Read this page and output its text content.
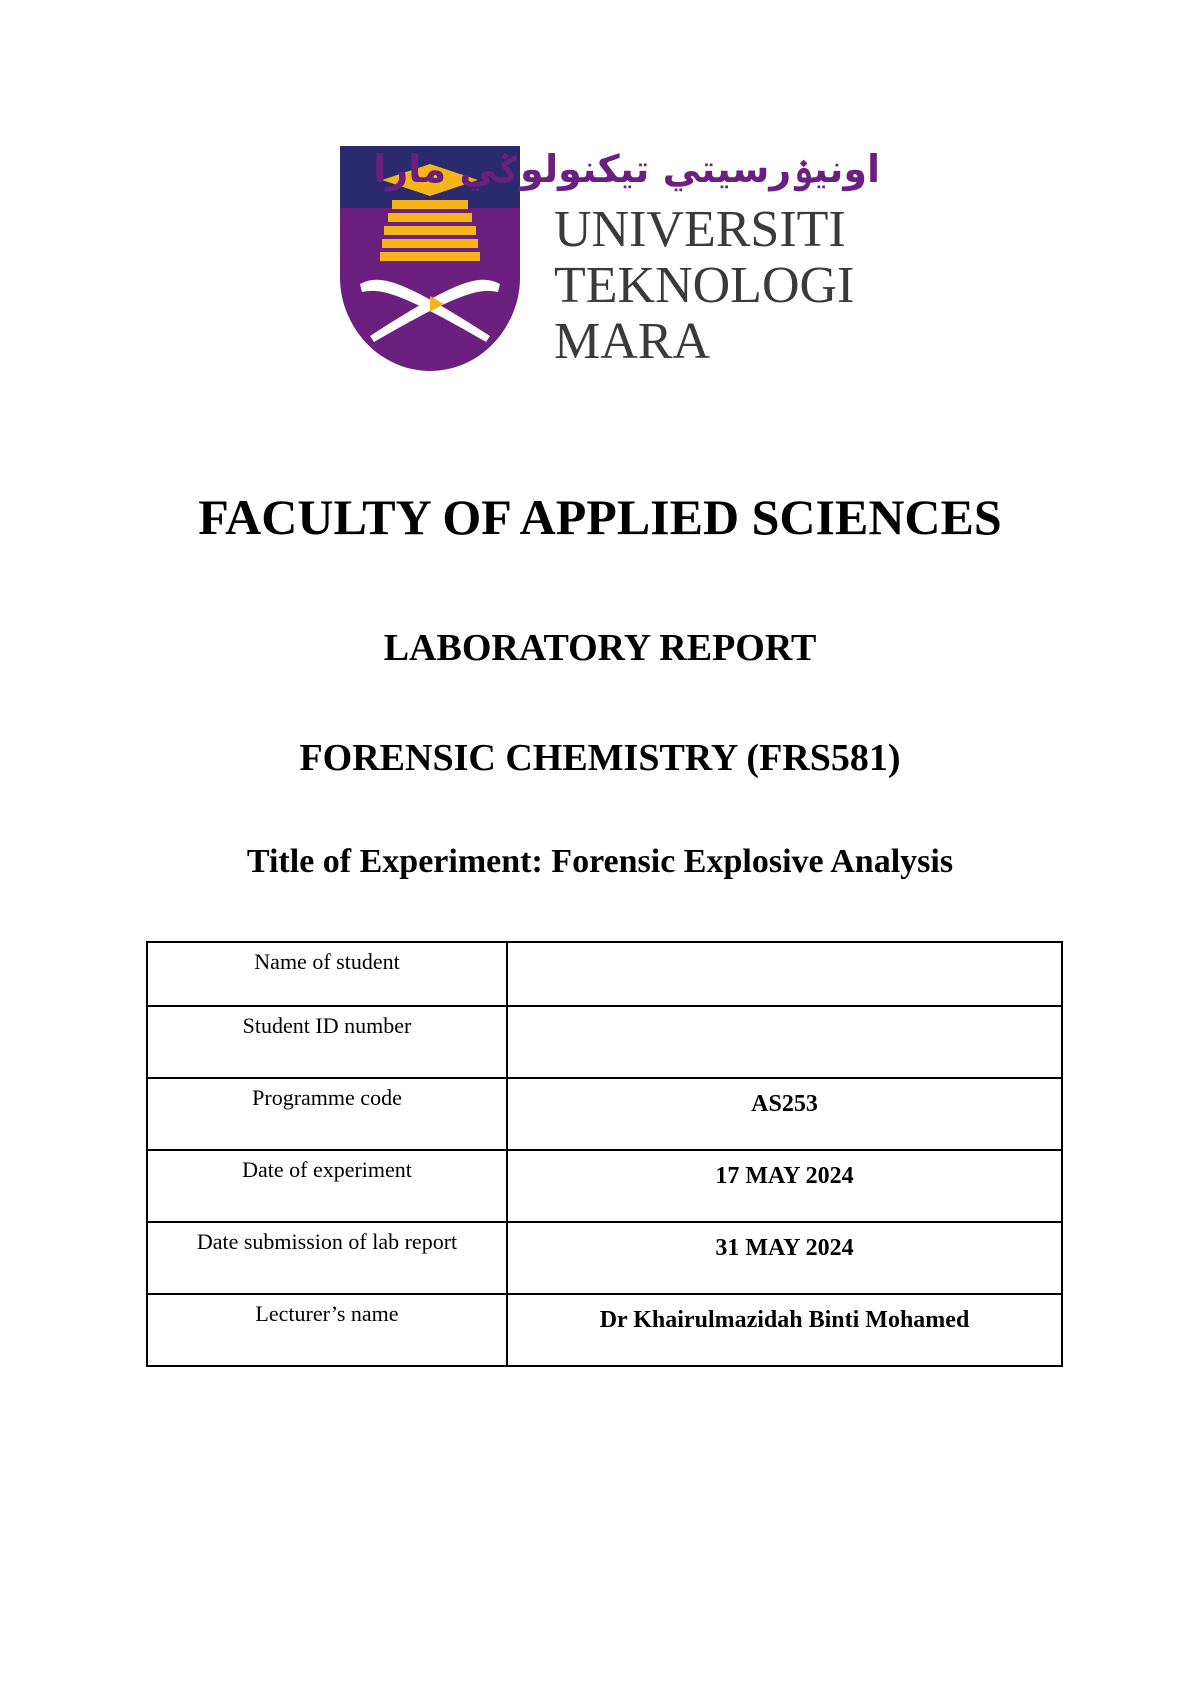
اونيۏرسيتي تيكنولوݢي مارا
UNIVERSITI
TEKNOLOGI
MARA
FACULTY OF APPLIED SCIENCES
LABORATORY REPORT
FORENSIC CHEMISTRY (FRS581)
Title of Experiment: Forensic Explosive Analysis
Name of student	
Student ID number	
Programme code	AS253
Date of experiment	17 MAY 2024
Date submission of lab report	31 MAY 2024
Lecturer’s name	Dr Khairulmazidah Binti Mohamed
